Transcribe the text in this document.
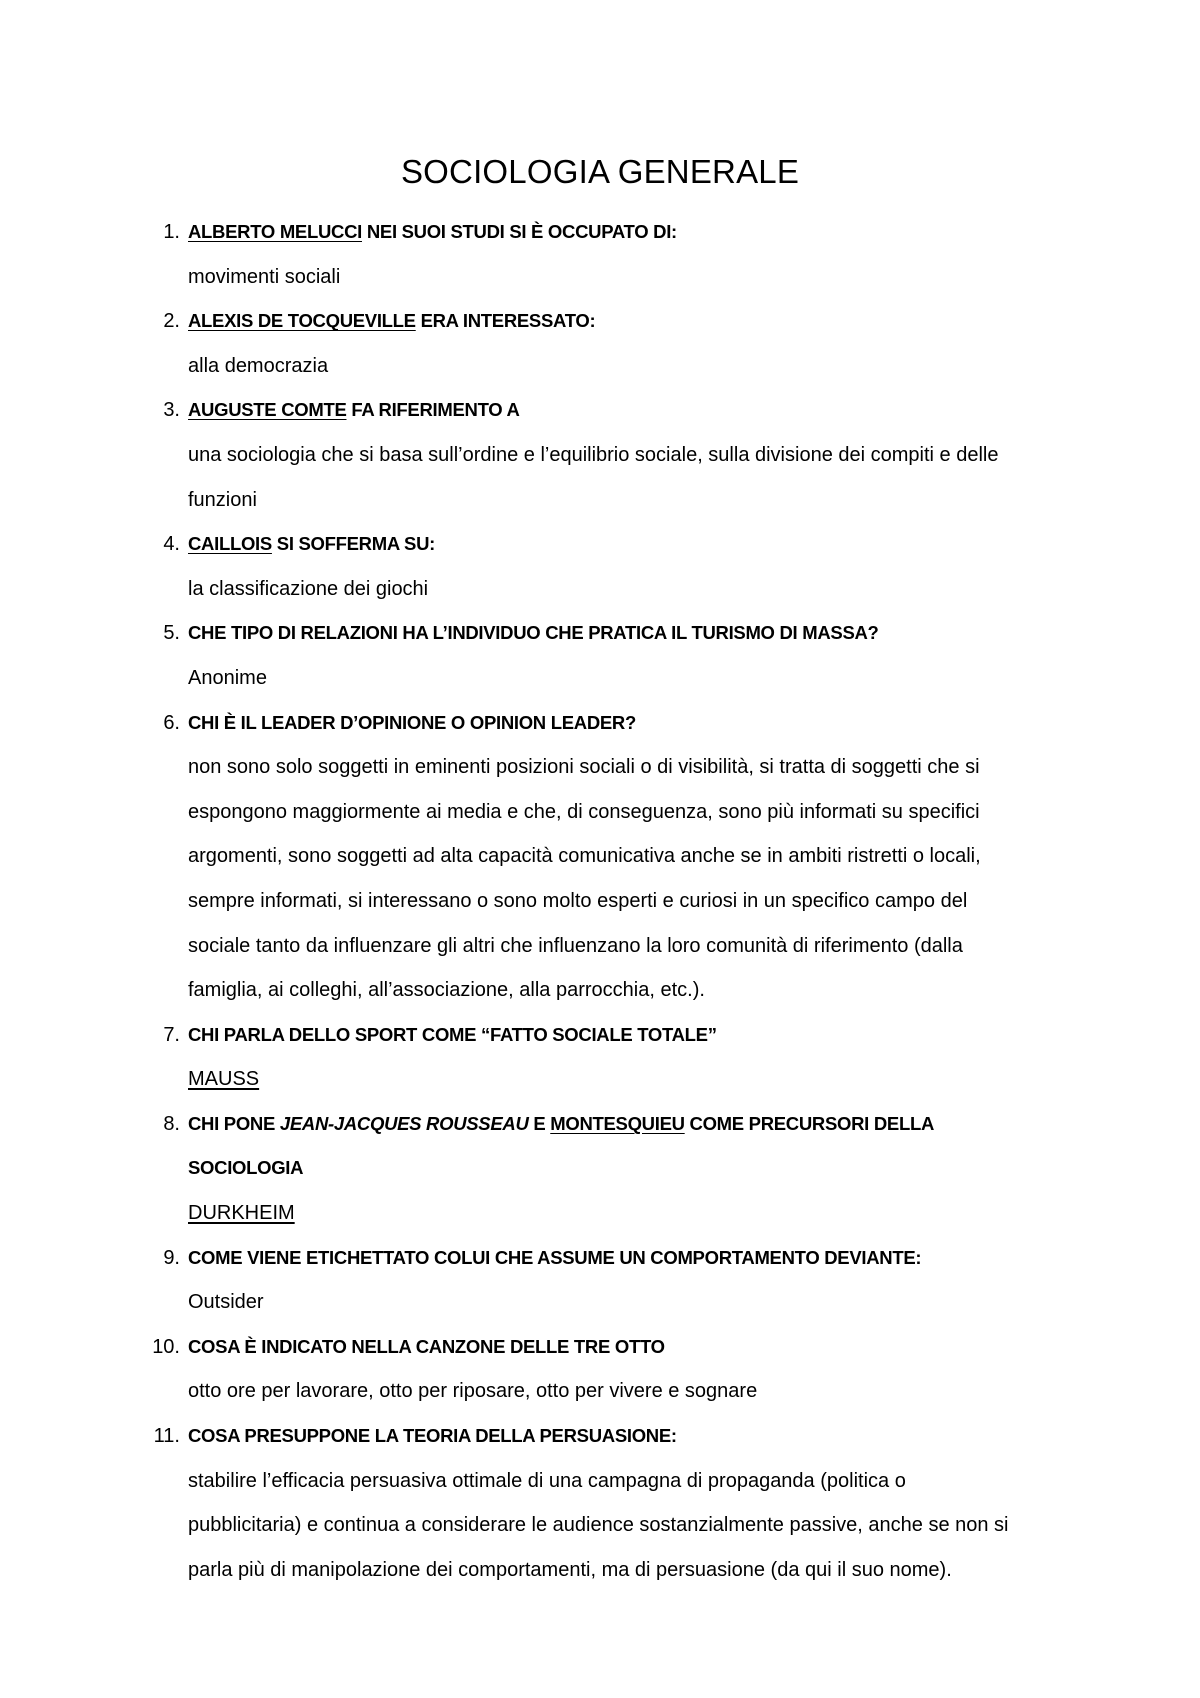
SOCIOLOGIA GENERALE
1. ALBERTO MELUCCI NEI SUOI STUDI SI È OCCUPATO DI:
movimenti sociali
2. ALEXIS DE TOCQUEVILLE ERA INTERESSATO:
alla democrazia
3. AUGUSTE COMTE FA RIFERIMENTO A
una sociologia che si basa sull’ordine e l’equilibrio sociale, sulla divisione dei compiti e delle
funzioni
4. CAILLOIS SI SOFFERMA SU:
la classificazione dei giochi
5. CHE TIPO DI RELAZIONI HA L’INDIVIDUO CHE PRATICA IL TURISMO DI MASSA?
Anonime
6. CHI È IL LEADER D’OPINIONE O OPINION LEADER?
non sono solo soggetti in eminenti posizioni sociali o di visibilità, si tratta di soggetti che si
espongono maggiormente ai media e che, di conseguenza, sono più informati su specifici
argomenti, sono soggetti ad alta capacità comunicativa anche se in ambiti ristretti o locali,
sempre informati, si interessano o sono molto esperti e curiosi in un specifico campo del
sociale tanto da influenzare gli altri che influenzano la loro comunità di riferimento (dalla
famiglia, ai colleghi, all’associazione, alla parrocchia, etc.).
7. CHI PARLA DELLO SPORT COME “FATTO SOCIALE TOTALE”
MAUSS
8. CHI PONE JEAN-JACQUES ROUSSEAU E MONTESQUIEU COME PRECURSORI DELLA
SOCIOLOGIA
DURKHEIM
9. COME VIENE ETICHETTATO COLUI CHE ASSUME UN COMPORTAMENTO DEVIANTE:
Outsider
10. COSA È INDICATO NELLA CANZONE DELLE TRE OTTO
otto ore per lavorare, otto per riposare, otto per vivere e sognare
11. COSA PRESUPPONE LA TEORIA DELLA PERSUASIONE:
stabilire l’efficacia persuasiva ottimale di una campagna di propaganda (politica o
pubblicitaria) e continua a considerare le audience sostanzialmente passive, anche se non si
parla più di manipolazione dei comportamenti, ma di persuasione (da qui il suo nome).
